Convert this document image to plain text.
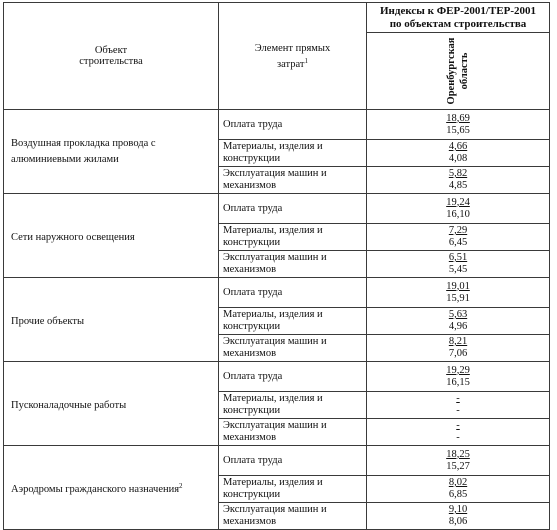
Объект
строительства	Элемент прямых
затрат$^1$	Индексы к ФЕР-2001/ТЕР-2001
по объектам строительства

		Оренбургская область

Воздушная прокладка провода с алюминиевыми жилами	Оплата труда	18,69
15,65
	Материалы, изделия и конструкции	4,66
4,08
	Эксплуатация машин и механизмов	5,82
4,85
Сети наружного освещения	Оплата труда	19,24
16,10
	Материалы, изделия и конструкции	7,29
6,45
	Эксплуатация машин и механизмов	6,51
5,45
Прочие объекты	Оплата труда	19,01
15,91
	Материалы, изделия и конструкции	5,63
4,96
	Эксплуатация машин и механизмов	8,21
7,06
Пусконаладочные работы	Оплата труда	19,29
16,15
	Материалы, изделия и конструкции	-
-
	Эксплуатация машин и механизмов	-
-
Аэродромы гражданского назначения$^2$	Оплата труда	18,25
15,27
	Материалы, изделия и конструкции	8,02
6,85
	Эксплуатация машин и механизмов	9,10
8,06
